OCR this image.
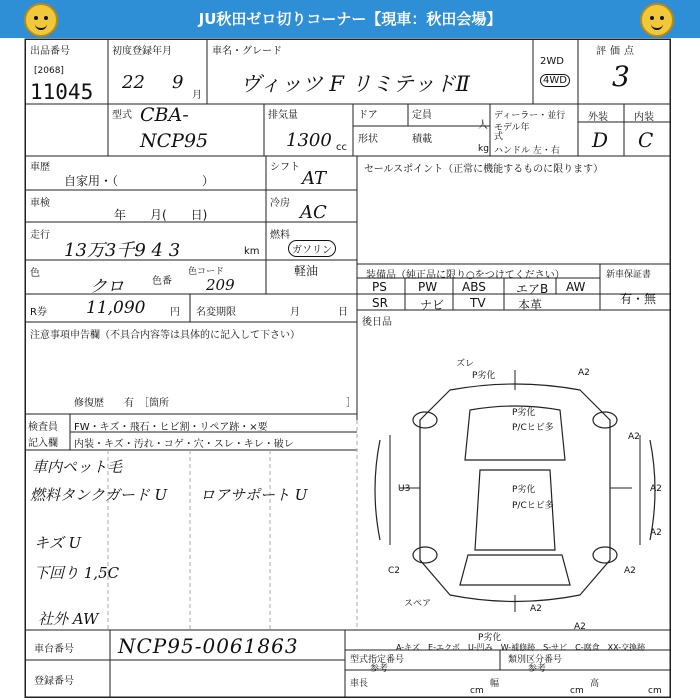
JU秋田ゼロ切りコーナー【現車：秋田会場】
出品番号
[2068]
11045
初度登録年月
22 9
月
車名・グレード
ヴィッツ F リミテッドⅡ
2WD
4WD
評価点
3
外装	内装
D C
型式 CBA-
NCP95
排気量
1300 cc
ドア	定員
人
形状	積載
kg
ディーラー・並行
モデル年式
ハンドル 左・右
車歴
自家用・（　　　　　　　）
シフト
AT	セールスポイント（正常に機能するものに限ります）
車検
年　　月(　　日)
冷房 AC
走行
13万3千9 4 3	km
燃料
ガソリン
軽油
色
クロ	色番
色コード
209
装備品（純正品に限り○をつけてください）	新車保証書
有・無
PS	PW ABS	エアB AW
SR	ナビ TV	本革
R券 11,090 円 名変期限	月	日
後日品
注意事項申告欄（不具合内容等は具体的に記入して下さい）
修復歴　　有　［箇所	］
検査員
記入欄
FW・キズ・飛石・ヒビ割・リペア跡・×要
内装・キズ・汚れ・コゲ・穴・スレ・キレ・破レ
車内ペット毛
燃料タンクガード U ロアサポート U
キズ U
下回り 1,5C
社外 AW
ズレ
P劣化	A2
P劣化
P/Cヒビ多
A2
U3	P劣化
P/Cヒビ多
A2
A2
C2	A2
A2
A2
P劣化
スペア
A-キズ　E-エクボ　U-凹み　W-補修跡　S-サビ　C-腐食　XX-交換跡
車台番号 NCP95-0061863
登録番号
型式指定番号
参考
類別区分番号
参考
車長
cm
幅
cm
高
cm
